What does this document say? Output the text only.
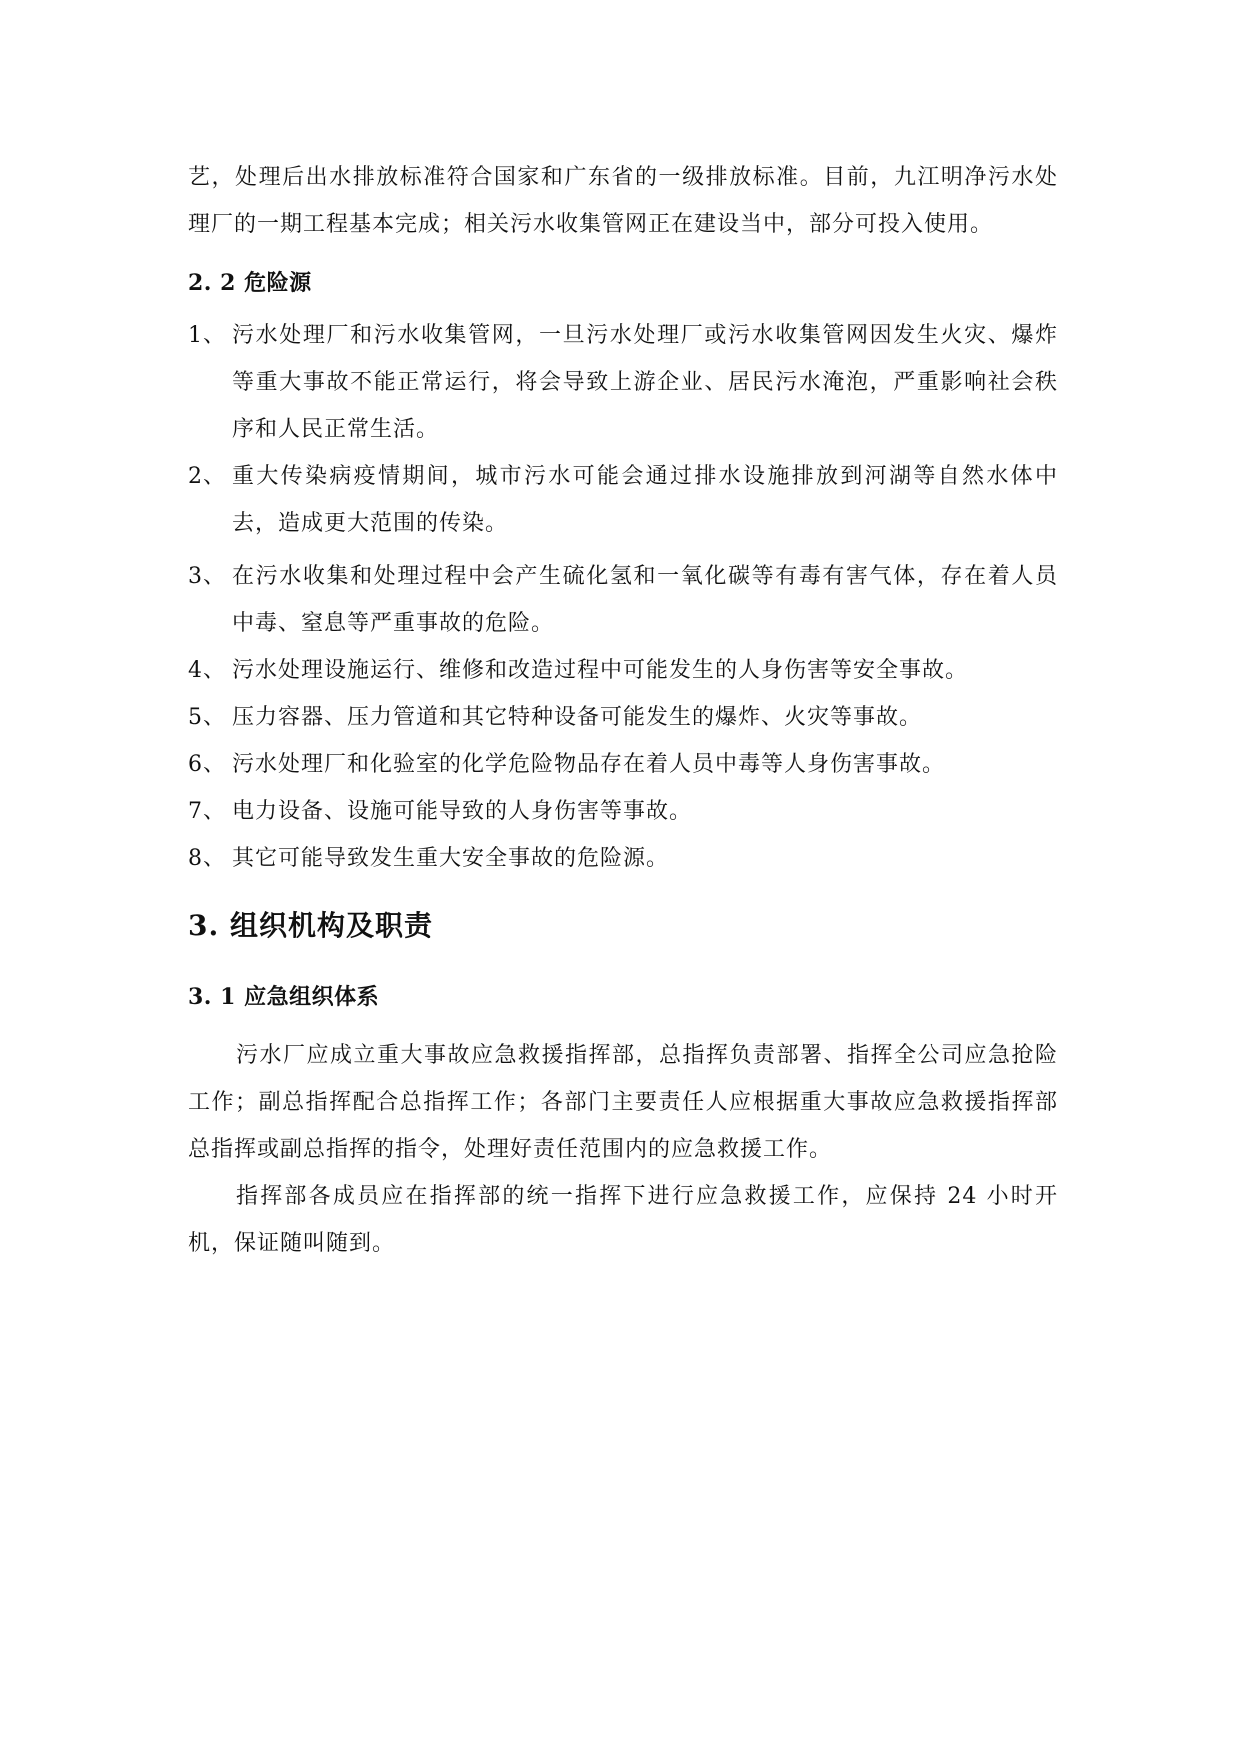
艺，处理后出水排放标准符合国家和广东省的一级排放标准。目前，九江明净污水处理厂的一期工程基本完成；相关污水收集管网正在建设当中，部分可投入使用。

2. 2 危险源
1、 污水处理厂和污水收集管网，一旦污水处理厂或污水收集管网因发生火灾、爆炸等重大事故不能正常运行，将会导致上游企业、居民污水淹泡，严重影响社会秩序和人民正常生活。
2、 重大传染病疫情期间，城市污水可能会通过排水设施排放到河湖等自然水体中去，造成更大范围的传染。
3、 在污水收集和处理过程中会产生硫化氢和一氧化碳等有毒有害气体，存在着人员中毒、窒息等严重事故的危险。
4、 污水处理设施运行、维修和改造过程中可能发生的人身伤害等安全事故。
5、 压力容器、压力管道和其它特种设备可能发生的爆炸、火灾等事故。
6、 污水处理厂和化验室的化学危险物品存在着人员中毒等人身伤害事故。
7、 电力设备、设施可能导致的人身伤害等事故。
8、 其它可能导致发生重大安全事故的危险源。
3. 组织机构及职责
3. 1 应急组织体系

污水厂应成立重大事故应急救援指挥部，总指挥负责部署、指挥全公司应急抢险工作；副总指挥配合总指挥工作；各部门主要责任人应根据重大事故应急救援指挥部总指挥或副总指挥的指令，处理好责任范围内的应急救援工作。

指挥部各成员应在指挥部的统一指挥下进行应急救援工作，应保持 24 小时开机，保证随叫随到。
